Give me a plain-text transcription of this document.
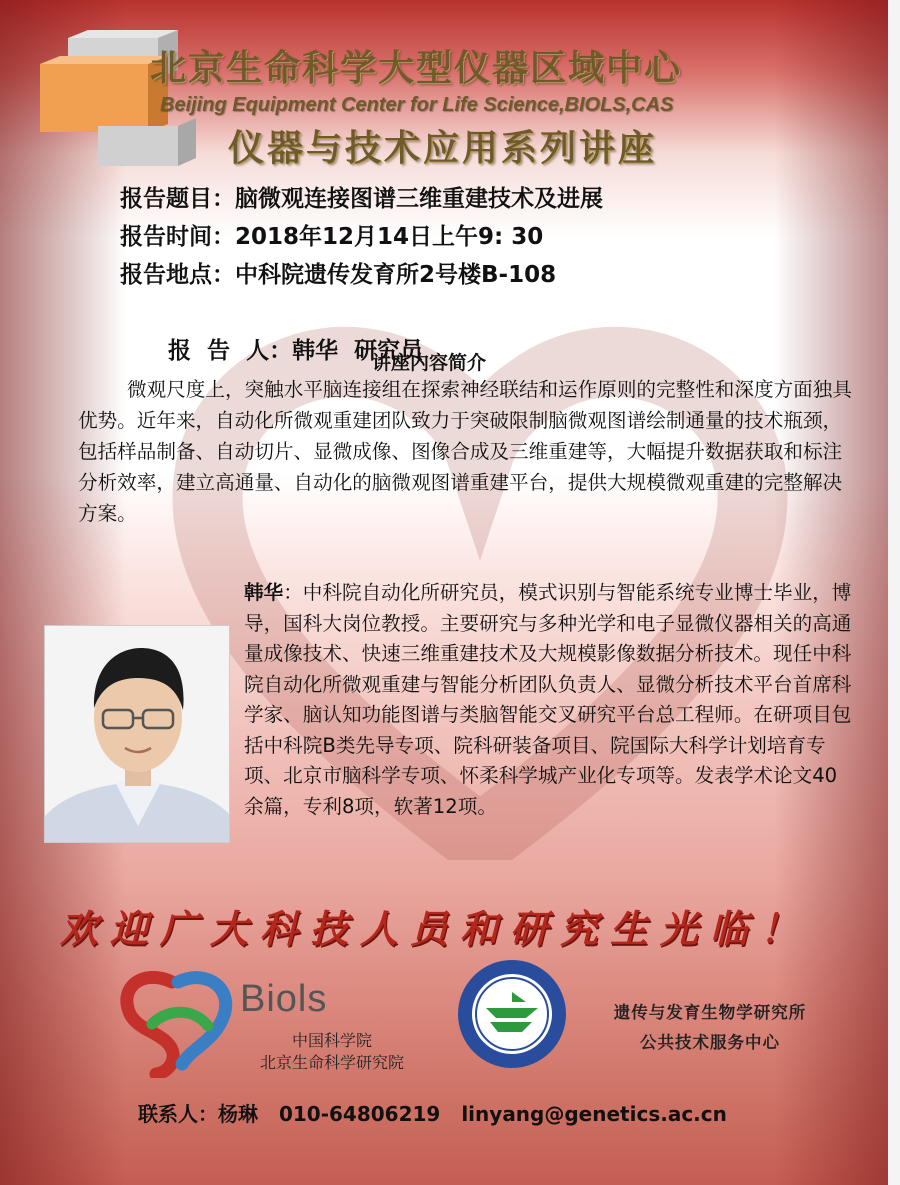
北京生命科学大型仪器区域中心
Beijing Equipment Center for Life Science,BIOLS,CAS
仪器与技术应用系列讲座
报告题目：脑微观连接图谱三维重建技术及进展
报告时间：2018年12月14日上午9: 30
报告地点：中科院遗传发育所2号楼B-108

报  告  人：韩华  研究员

讲座内容简介
微观尺度上，突触水平脑连接组在探索神经联结和运作原则的完整性和深度方面独具优势。近年来，自动化所微观重建团队致力于突破限制脑微观图谱绘制通量的技术瓶颈，包括样品制备、自动切片、显微成像、图像合成及三维重建等，大幅提升数据获取和标注分析效率，建立高通量、自动化的脑微观图谱重建平台，提供大规模微观重建的完整解决方案。
韩华：中科院自动化所研究员，模式识别与智能系统专业博士毕业，博导，国科大岗位教授。主要研究与多种光学和电子显微仪器相关的高通量成像技术、快速三维重建技术及大规模影像数据分析技术。现任中科院自动化所微观重建与智能分析团队负责人、显微分析技术平台首席科学家、脑认知功能图谱与类脑智能交叉研究平台总工程师。在研项目包括中科院B类先导专项、院科研装备项目、院国际大科学计划培育专项、北京市脑科学专项、怀柔科学城产业化专项等。发表学术论文40余篇，专利8项，软著12项。
欢迎广大科技人员和研究生光临！
Biols
中国科学院
北京生命科学研究院
遗传与发育生物学研究所
公共技术服务中心
联系人：杨琳 010-64806219 linyang@genetics.ac.cn
